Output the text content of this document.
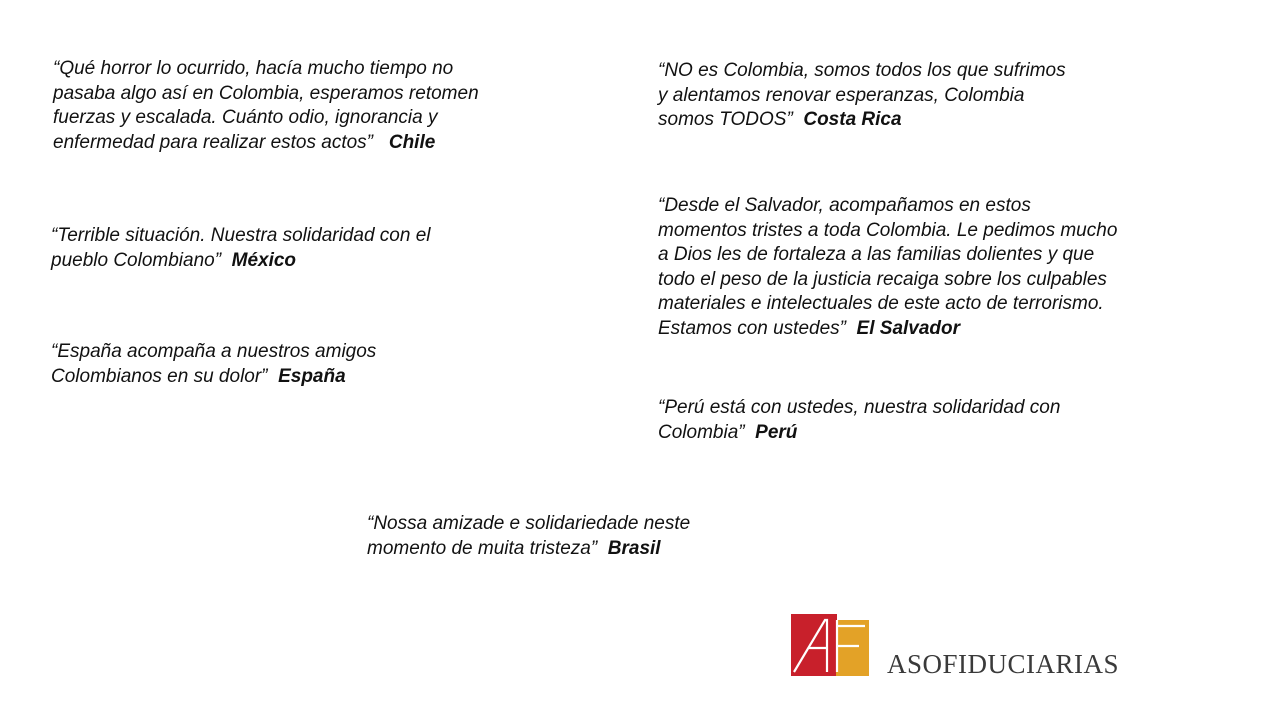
“Qué horror lo ocurrido, hacía mucho tiempo no
pasaba algo así en Colombia, esperamos retomen
fuerzas y escalada. Cuánto odio, ignorancia y
enfermedad para realizar estos actos” Chile
“Terrible situación. Nuestra solidaridad con el
pueblo Colombiano” México
“España acompaña a nuestros amigos
Colombianos en su dolor” España
“NO es Colombia, somos todos los que sufrimos
y alentamos renovar esperanzas, Colombia
somos TODOS” Costa Rica
“Desde el Salvador, acompañamos en estos
momentos tristes a toda Colombia. Le pedimos mucho
a Dios les de fortaleza a las familias dolientes y que
todo el peso de la justicia recaiga sobre los culpables
materiales e intelectuales de este acto de terrorismo.
Estamos con ustedes” El Salvador
“Perú está con ustedes, nuestra solidaridad con
Colombia” Perú
“Nossa amizade e solidariedade neste
momento de muita tristeza” Brasil
ASOFIDUCIARIAS
